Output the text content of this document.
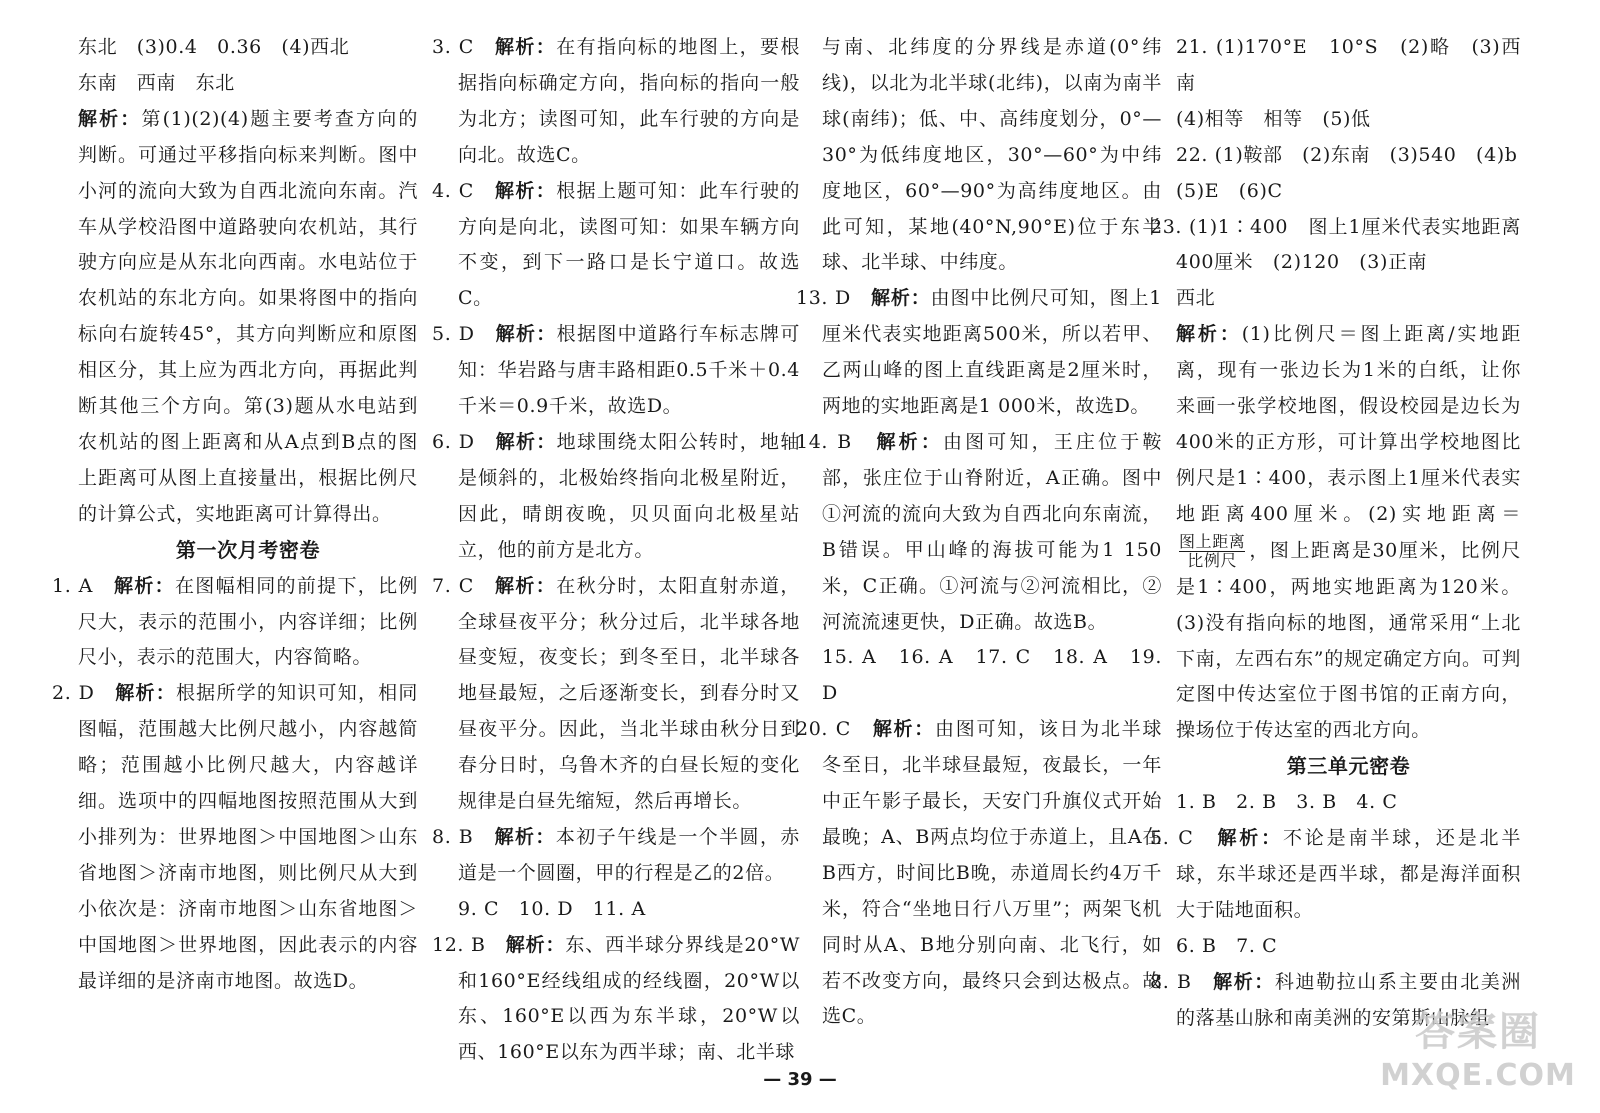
东北　(3)0.4　0.36　(4)西北

东南　西南　东北

解析：第(1)(2)(4)题主要考查方向的判断。可通过平移指向标来判断。图中小河的流向大致为自西北流向东南。汽车从学校沿图中道路驶向农机站，其行驶方向应是从东北向西南。水电站位于农机站的东北方向。如果将图中的指向标向右旋转45°，其方向判断应和原图相区分，其上应为西北方向，再据此判断其他三个方向。第(3)题从水电站到农机站的图上距离和从A点到B点的图上距离可从图上直接量出，根据比例尺的计算公式，实地距离可计算得出。

第一次月考密卷

1. A　解析：在图幅相同的前提下，比例尺大，表示的范围小，内容详细；比例尺小，表示的范围大，内容简略。

2. D　解析：根据所学的知识可知，相同图幅，范围越大比例尺越小，内容越简略；范围越小比例尺越大，内容越详细。选项中的四幅地图按照范围从大到小排列为：世界地图＞中国地图＞山东省地图＞济南市地图，则比例尺从大到小依次是：济南市地图＞山东省地图＞中国地图＞世界地图，因此表示的内容最详细的是济南市地图。故选D。

3. C　解析：在有指向标的地图上，要根据指向标确定方向，指向标的指向一般为北方；读图可知，此车行驶的方向是向北。故选C。

4. C　解析：根据上题可知：此车行驶的方向是向北，读图可知：如果车辆方向不变，到下一路口是长宁道口。故选C。

5. D　解析：根据图中道路行车标志牌可知：华岩路与唐丰路相距0.5千米＋0.4千米＝0.9千米，故选D。

6. D　解析：地球围绕太阳公转时，地轴是倾斜的，北极始终指向北极星附近，因此，晴朗夜晚，贝贝面向北极星站立，他的前方是北方。

7. C　解析：在秋分时，太阳直射赤道，全球昼夜平分；秋分过后，北半球各地昼变短，夜变长；到冬至日，北半球各地昼最短，之后逐渐变长，到春分时又昼夜平分。因此，当北半球由秋分日到春分日时，乌鲁木齐的白昼长短的变化规律是白昼先缩短，然后再增长。

8. B　解析：本初子午线是一个半圆，赤道是一个圆圈，甲的行程是乙的2倍。

9. C　10. D　11. A

12. B　解析：东、西半球分界线是20°W和160°E经线组成的经线圈，20°W以东、160°E以西为东半球，20°W以西、160°E以东为西半球；南、北半球

与南、北纬度的分界线是赤道(0°纬线)，以北为北半球(北纬)，以南为南半球(南纬)；低、中、高纬度划分，0°—30°为低纬度地区，30°—60°为中纬度地区，60°—90°为高纬度地区。由此可知，某地(40°N,90°E)位于东半球、北半球、中纬度。

13. D　解析：由图中比例尺可知，图上1厘米代表实地距离500米，所以若甲、乙两山峰的图上直线距离是2厘米时，两地的实地距离是1 000米，故选D。

14. B　解析：由图可知，王庄位于鞍部，张庄位于山脊附近，A正确。图中①河流的流向大致为自西北向东南流，B错误。甲山峰的海拔可能为1 150米，C正确。①河流与②河流相比，②河流流速更快，D正确。故选B。

15. A　16. A　17. C　18. A　19. D

20. C　解析：由图可知，该日为北半球冬至日，北半球昼最短，夜最长，一年中正午影子最长，天安门升旗仪式开始最晚；A、B两点均位于赤道上，且A在B西方，时间比B晚，赤道周长约4万千米，符合“坐地日行八万里”；两架飞机同时从A、B地分别向南、北飞行，如若不改变方向，最终只会到达极点。故选C。

21. (1)170°E　10°S　(2)略　(3)西　南

(4)相等　相等　(5)低

22. (1)鞍部　(2)东南　(3)540　(4)b

(5)E　(6)C

23. (1)1∶400　图上1厘米代表实地距离400厘米　(2)120　(3)正南

西北

解析：(1)比例尺＝图上距离/实地距离，现有一张边长为1米的白纸，让你来画一张学校地图，假设校园是边长为400米的正方形，可计算出学校地图比例尺是1∶400，表示图上1厘米代表实地距离400厘米。(2)实地距离＝
$\frac{\text{图上距离}}{\text{比例尺}}$ ，图上距离是30厘米，比例尺是1∶400，两地实地距离为120米。(3)没有指向标的地图，通常采用“上北下南，左西右东”的规定确定方向。可判定图中传达室位于图书馆的正南方向，操场位于传达室的西北方向。

第三单元密卷

1. B　2. B　3. B　4. C

5. C　解析：不论是南半球，还是北半球，东半球还是西半球，都是海洋面积大于陆地面积。

6. B　7. C

8. B　解析：科迪勒拉山系主要由北美洲的落基山脉和南美洲的安第斯山脉组

— 39 —
答案圈
MXQE.COM
